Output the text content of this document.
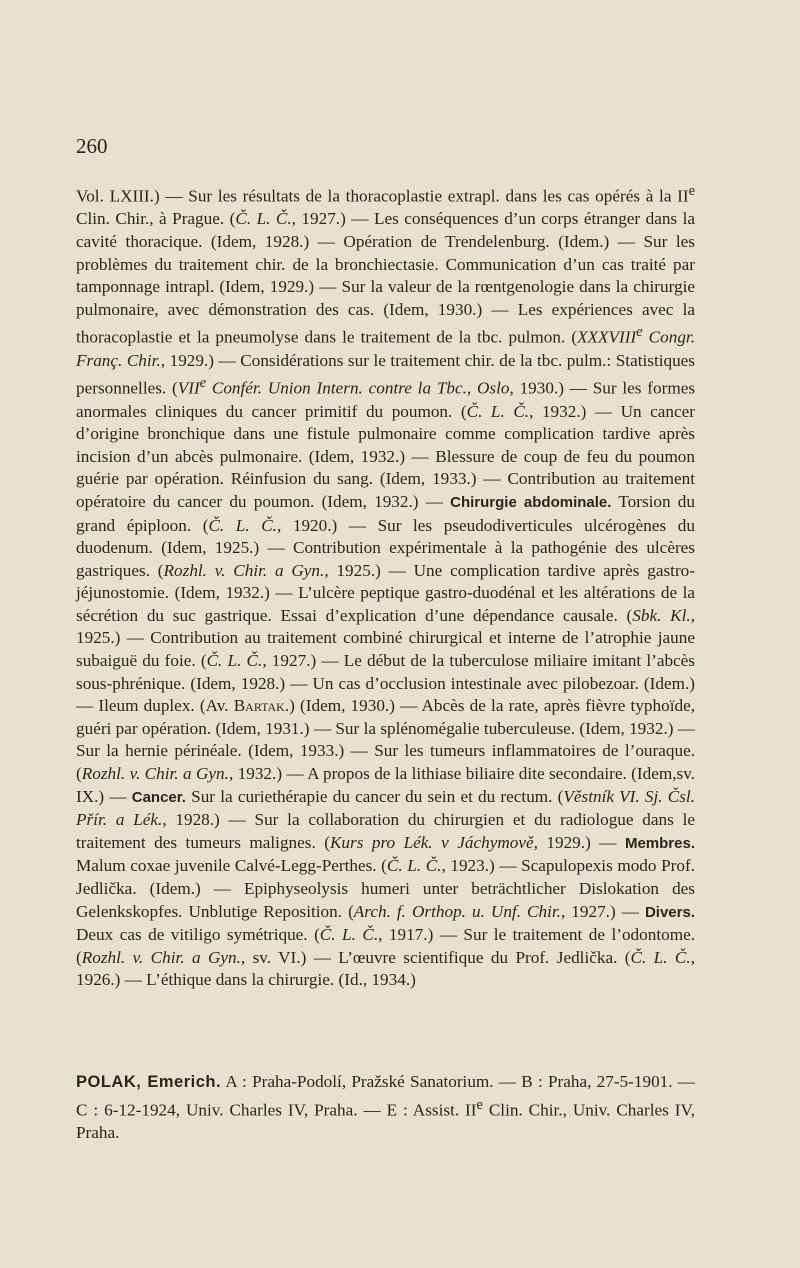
260

Vol. LXIII.) — Sur les résultats de la thoracoplastie extrapl. dans les cas opérés à la IIe Clin. Chir., à Prague. (Č. L. Č., 1927.) — Les conséquences d’un corps étranger dans la cavité thoracique. (Idem, 1928.) — Opération de Trendelenburg. (Idem.) — Sur les problèmes du traitement chir. de la bronchiectasie. Communication d’un cas traité par tamponnage intrapl. (Idem, 1929.) — Sur la valeur de la rœntgenologie dans la chirurgie pulmonaire, avec démonstration des cas. (Idem, 1930.) — Les expériences avec la thoracoplastie et la pneumolyse dans le traitement de la tbc. pulmon. (XXXVIIIe Congr. Franç. Chir., 1929.) — Considérations sur le traitement chir. de la tbc. pulm.: Statistiques personnelles. (VIIe Confér. Union Intern. contre la Tbc., Oslo, 1930.) — Sur les formes anormales cliniques du cancer primitif du poumon. (Č. L. Č., 1932.) — Un cancer d’origine bronchique dans une fistule pulmonaire comme complication tardive après incision d’un abcès pulmonaire. (Idem, 1932.) — Blessure de coup de feu du poumon guérie par opération. Réinfusion du sang. (Idem, 1933.) — Contribution au traitement opératoire du cancer du poumon. (Idem, 1932.) — Chirurgie abdominale. Torsion du grand épiploon. (Č. L. Č., 1920.) — Sur les pseudodiverticules ulcérogènes du duodenum. (Idem, 1925.) — Contribution expérimentale à la pathogénie des ulcères gastriques. (Rozhl. v. Chir. a Gyn., 1925.) — Une complication tardive après gastro-jéjunostomie. (Idem, 1932.) — L’ulcère peptique gastro-duodénal et les altérations de la sécrétion du suc gastrique. Essai d’explication d’une dépendance causale. (Sbk. Kl., 1925.) — Contribution au traitement combiné chirurgical et interne de l’atrophie jaune subaiguë du foie. (Č. L. Č., 1927.) — Le début de la tuberculose miliaire imitant l’abcès sous-phrénique. (Idem, 1928.) — Un cas d’occlusion intestinale avec pilobezoar. (Idem.) — Ileum duplex. (Av. Bartak.) (Idem, 1930.) — Abcès de la rate, après fièvre typhoïde, guéri par opération. (Idem, 1931.) — Sur la splénomégalie tuberculeuse. (Idem, 1932.) — Sur la hernie périnéale. (Idem, 1933.) — Sur les tumeurs inflammatoires de l’ouraque. (Rozhl. v. Chir. a Gyn., 1932.) — A propos de la lithiase biliaire dite secondaire. (Idem,sv. IX.) — Cancer. Sur la curiethérapie du cancer du sein et du rectum. (Věstník VI. Sj. Čsl. Přír. a Lék., 1928.) — Sur la collaboration du chirurgien et du radiologue dans le traitement des tumeurs malignes. (Kurs pro Lék. v Jáchymově, 1929.) — Membres. Malum coxae juvenile Calvé-Legg-Perthes. (Č. L. Č., 1923.) — Scapulopexis modo Prof. Jedlička. (Idem.) — Epiphyseolysis humeri unter beträchtlicher Dislokation des Gelenkskopfes. Unblutige Reposition. (Arch. f. Orthop. u. Unf. Chir., 1927.) — Divers. Deux cas de vitiligo symétrique. (Č. L. Č., 1917.) — Sur le traitement de l’odontome. (Rozhl. v. Chir. a Gyn., sv. VI.) — L’œuvre scientifique du Prof. Jedlička. (Č. L. Č., 1926.) — L’éthique dans la chirurgie. (Id., 1934.)

POLAK, Emerich. A : Praha-Podolí, Pražské Sanatorium. — B : Praha, 27-5-1901. — C : 6-12-1924, Univ. Charles IV, Praha. — E : Assist. IIe Clin. Chir., Univ. Charles IV, Praha.
